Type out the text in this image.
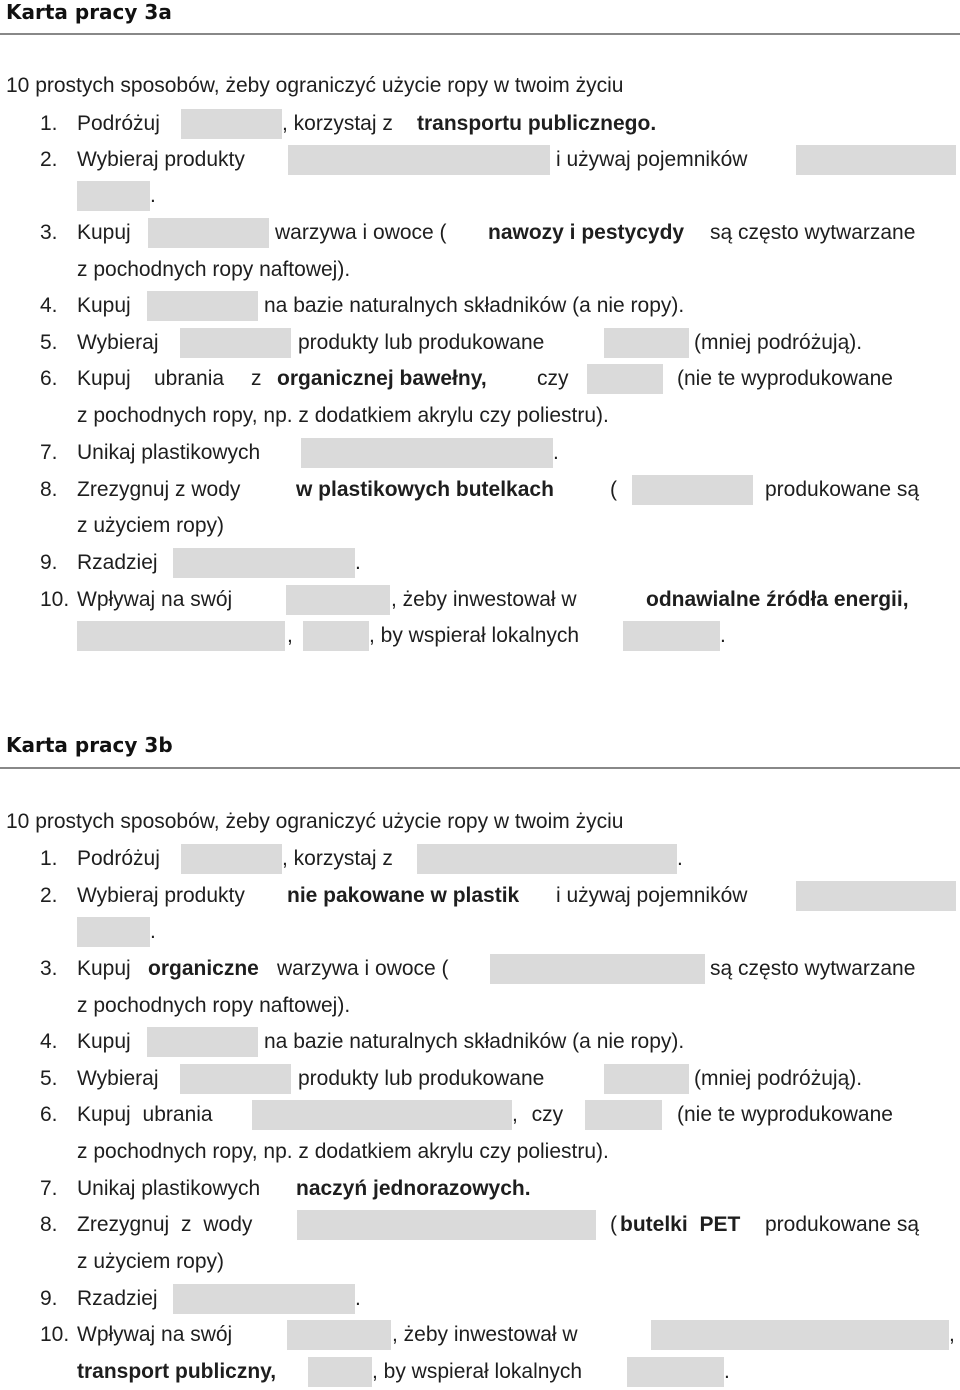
Karta pracy 3a
10 prostych sposobów, żeby ograniczyć użycie ropy w twoim życiu
1. Podróżuj	, korzystaj z transportu publicznego.
2. Wybieraj produkty	i używaj pojemników
.
3. Kupuj	warzywa i owoce ( nawozy i pestycydy są często wytwarzane
z pochodnych ropy naftowej).
4. Kupuj	na bazie naturalnych składników (a nie ropy).
5. Wybieraj	produkty lub produkowane	(mniej podróżują).
6. Kupuj ubrania z organicznej bawełny, czy	(nie te wyprodukowane
z pochodnych ropy, np. z dodatkiem akrylu czy poliestru).
7. Unikaj plastikowych	.
8. Zrezygnuj z wody	w plastikowych butelkach	(	produkowane są
z użyciem ropy)
9. Rzadziej	.
10. Wpływaj na swój	, żeby inwestował w	odnawialne źródła energii,
,	, by wspierał lokalnych	.
Karta pracy 3b
10 prostych sposobów, żeby ograniczyć użycie ropy w twoim życiu
1. Podróżuj	, korzystaj z	.
2. Wybieraj produkty nie pakowane w plastik i używaj pojemników
.
3. Kupuj organiczne warzywa i owoce (	są często wytwarzane
z pochodnych ropy naftowej).
4. Kupuj	na bazie naturalnych składników (a nie ropy).
5. Wybieraj	produkty lub produkowane	(mniej podróżują).
6. Kupuj ubrania	, czy	(nie te wyprodukowane
z pochodnych ropy, np. z dodatkiem akrylu czy poliestru).
7. Unikaj plastikowych naczyń jednorazowych.
8. Zrezygnuj z wody	( butelki PET produkowane są
z użyciem ropy)
9. Rzadziej	.
10. Wpływaj na swój	, żeby inwestował w	,
transport publiczny,	, by wspierał lokalnych	.
